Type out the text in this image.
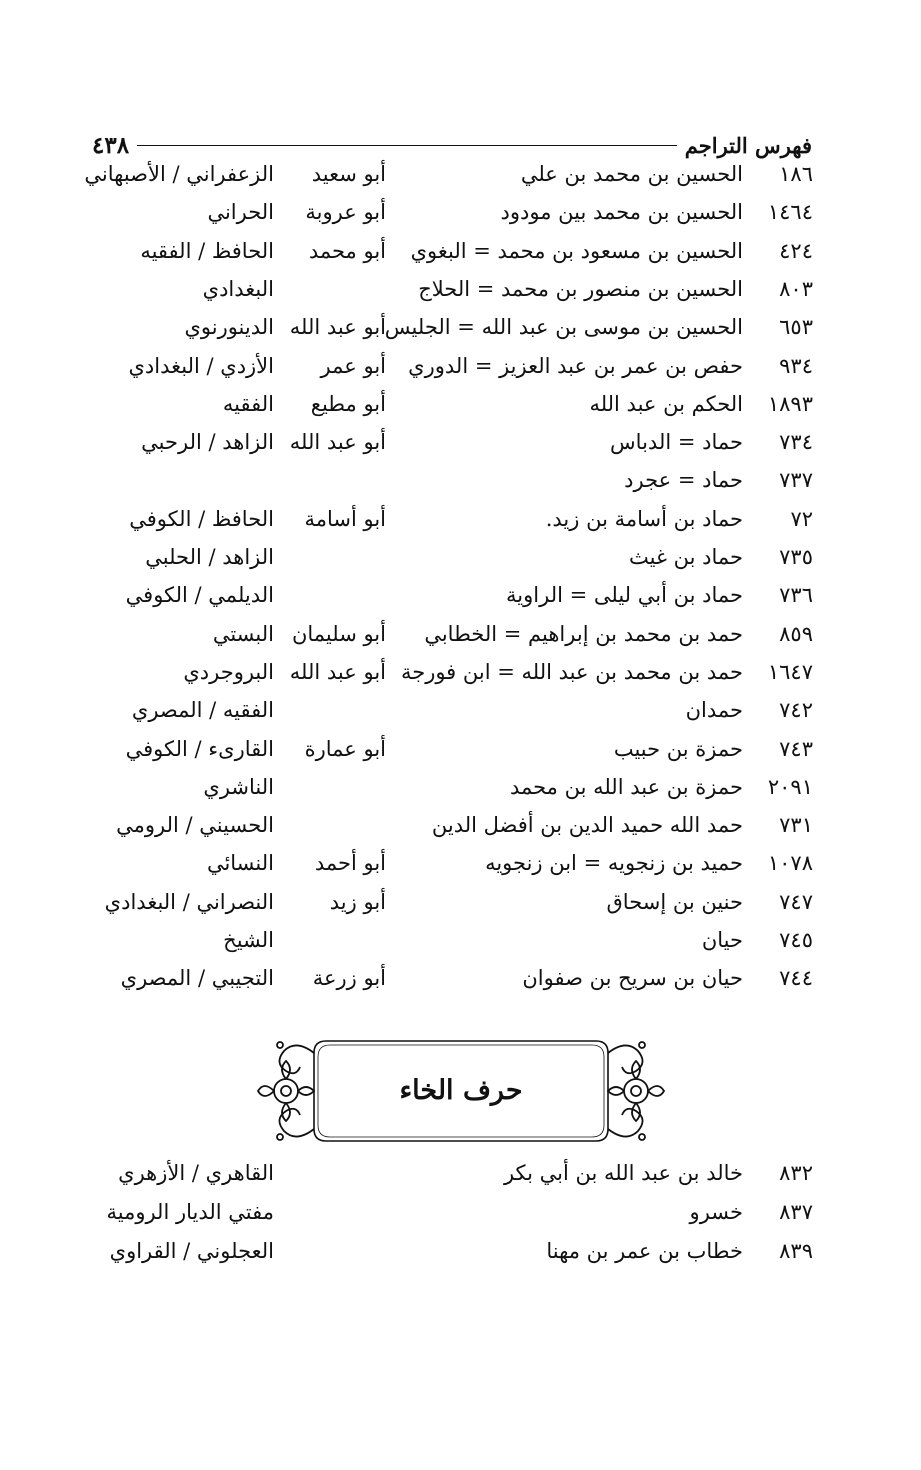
فهرس التراجم
٤٣٨
١٨٦
الحسين بن محمد بن علي
أبو سعيد
الزعفراني / الأصبهاني
١٤٦٤
الحسين بن محمد بين مودود
أبو عروبة
الحراني
٤٢٤
الحسين بن مسعود بن محمد = البغوي
أبو محمد
الحافظ / الفقيه
٨٠٣
الحسين بن منصور بن محمد = الحلاج
البغدادي
٦٥٣
الحسين بن موسى بن عبد الله = الجليس
أبو عبد الله
الدينورنوي
٩٣٤
حفص بن عمر بن عبد العزيز = الدوري
أبو عمر
الأزدي / البغدادي
١٨٩٣
الحكم بن عبد الله
أبو مطيع
الفقيه
٧٣٤
حماد = الدباس
أبو عبد الله
الزاهد / الرحبي
٧٣٧
حماد = عجرد
٧٢
حماد بن أسامة بن زيد.
أبو أسامة
الحافظ / الكوفي
٧٣٥
حماد بن غيث
الزاهد / الحلبي
٧٣٦
حماد بن أبي ليلى = الراوية
الديلمي / الكوفي
٨٥٩
حمد بن محمد بن إبراهيم = الخطابي
أبو سليمان
البستي
١٦٤٧
حمد بن محمد بن عبد الله = ابن فورجة
أبو عبد الله
البروجردي
٧٤٢
حمدان
الفقيه / المصري
٧٤٣
حمزة بن حبيب
أبو عمارة
القارىء / الكوفي
٢٠٩١
حمزة بن عبد الله بن محمد
الناشري
٧٣١
حمد الله حميد الدين بن أفضل الدين
الحسيني / الرومي
١٠٧٨
حميد بن زنجويه = ابن زنجويه
أبو أحمد
النسائي
٧٤٧
حنين بن إسحاق
أبو زيد
النصراني / البغدادي
٧٤٥
حيان
الشيخ
٧٤٤
حيان بن سريح بن صفوان
أبو زرعة
التجيبي / المصري
٨٣٢
خالد بن عبد الله بن أبي بكر
القاهري / الأزهري
٨٣٧
خسرو
مفتي الديار الرومية
٨٣٩
خطاب بن عمر بن مهنا
العجلوني / القراوي
حرف الخاء
